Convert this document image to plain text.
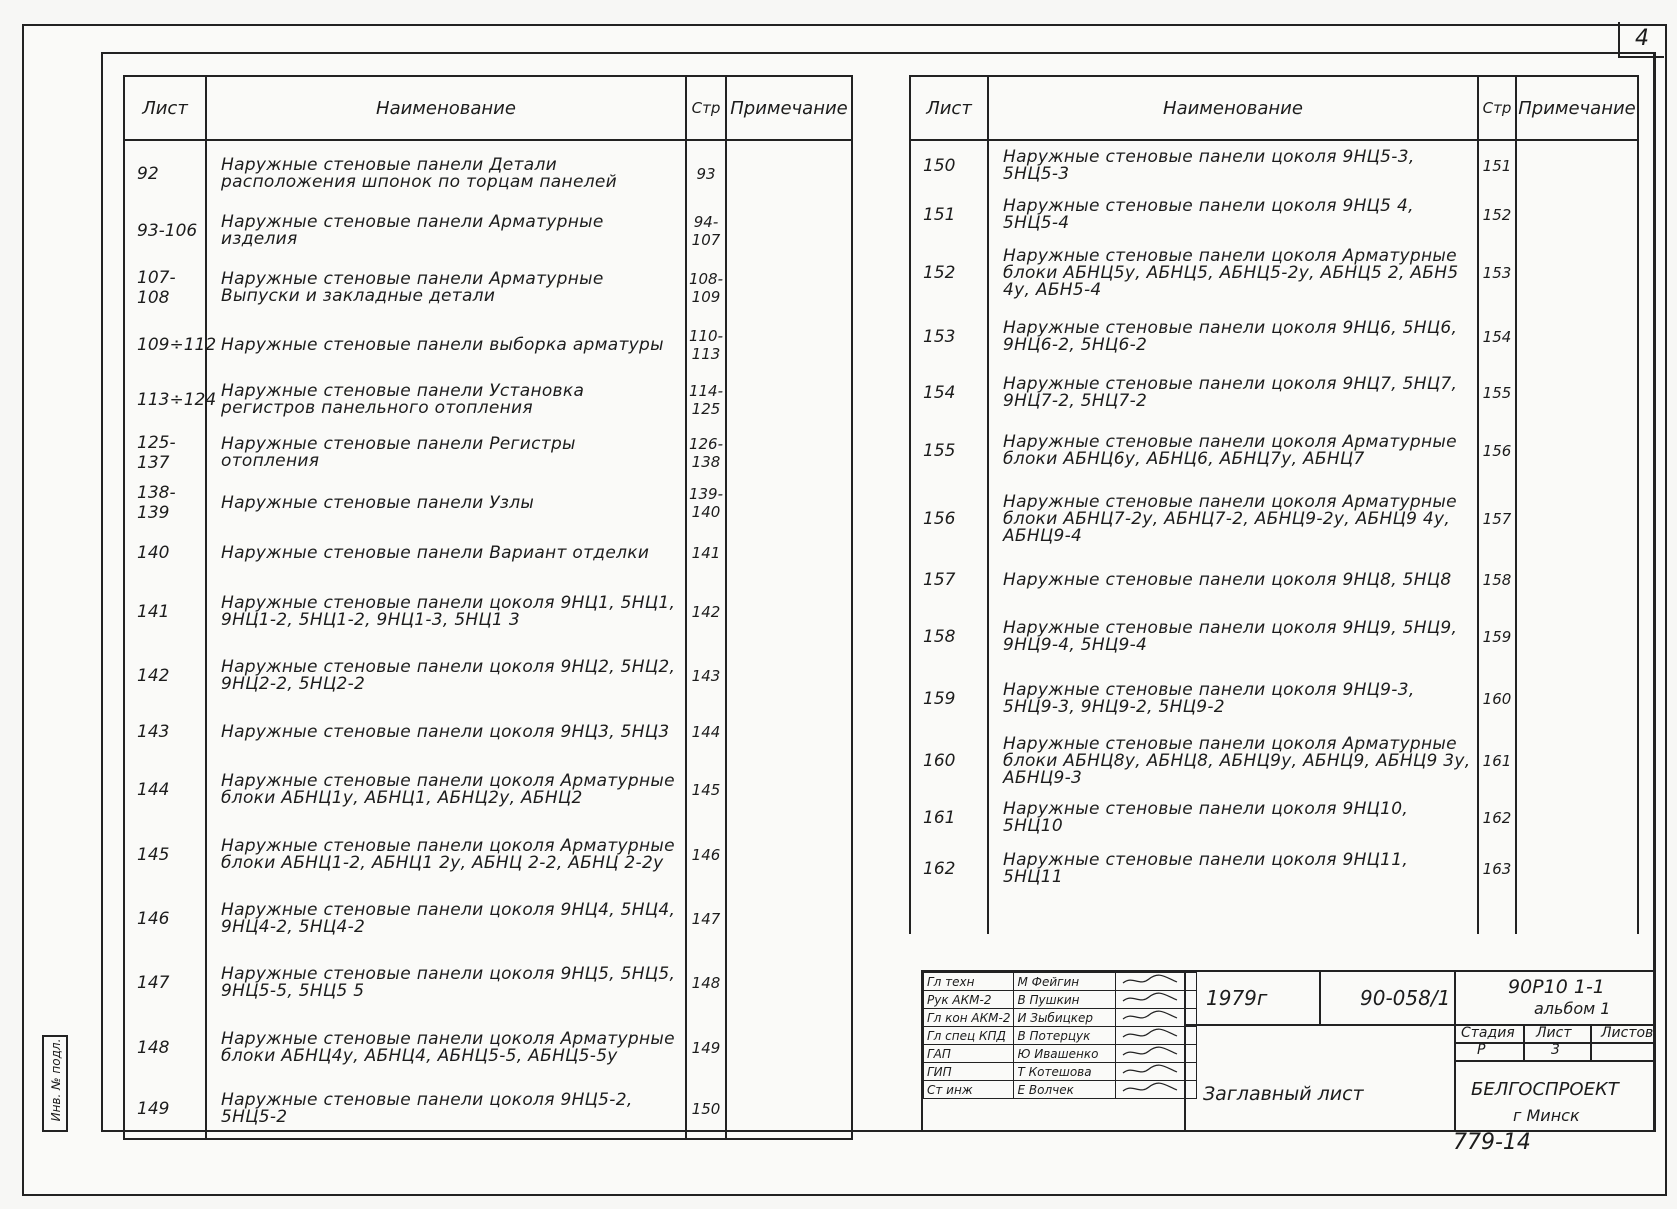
4
Инв. № подл.
Лист	Наименование	Стр	Примечание
92	Наружные стеновые панели Детали расположения шпонок по торцам панелей	93	
93-106	Наружные стеновые панели Арматурные изделия	94-107	
107-108	Наружные стеновые панели Арматурные Выпуски и закладные детали	108-109	
109÷112	Наружные стеновые панели выборка арматуры	110-113	
113÷124	Наружные стеновые панели Установка регистров панельного отопления	114-125	
125-137	Наружные стеновые панели Регистры отопления	126-138	
138-139	Наружные стеновые панели Узлы	139-140	
140	Наружные стеновые панели Вариант отделки	141	
141	Наружные стеновые панели цоколя 9НЦ1, 5НЦ1, 9НЦ1-2, 5НЦ1-2, 9НЦ1-3, 5НЦ1 3	142	
142	Наружные стеновые панели цоколя 9НЦ2, 5НЦ2, 9НЦ2-2, 5НЦ2-2	143	
143	Наружные стеновые панели цоколя 9НЦ3, 5НЦ3	144	
144	Наружные стеновые панели цоколя Арматурные блоки АБНЦ1у, АБНЦ1, АБНЦ2у, АБНЦ2	145	
145	Наружные стеновые панели цоколя Арматурные блоки АБНЦ1-2, АБНЦ1 2у, АБНЦ 2-2, АБНЦ 2-2у	146	
146	Наружные стеновые панели цоколя 9НЦ4, 5НЦ4, 9НЦ4-2, 5НЦ4-2	147	
147	Наружные стеновые панели цоколя 9НЦ5, 5НЦ5, 9НЦ5-5, 5НЦ5 5	148	
148	Наружные стеновые панели цоколя Арматурные блоки АБНЦ4у, АБНЦ4, АБНЦ5-5, АБНЦ5-5у	149	
149	Наружные стеновые панели цоколя 9НЦ5-2, 5НЦ5-2	150	
Лист	Наименование	Стр	Примечание
150	Наружные стеновые панели цоколя 9НЦ5-3, 5НЦ5-3	151	
151	Наружные стеновые панели цоколя 9НЦ5 4, 5НЦ5-4	152	
152	Наружные стеновые панели цоколя Арматурные блоки АБНЦ5у, АБНЦ5, АБНЦ5-2у, АБНЦ5 2, АБН5 4у, АБН5-4	153	
153	Наружные стеновые панели цоколя 9НЦ6, 5НЦ6, 9НЦ6-2, 5НЦ6-2	154	
154	Наружные стеновые панели цоколя 9НЦ7, 5НЦ7, 9НЦ7-2, 5НЦ7-2	155	
155	Наружные стеновые панели цоколя Арматурные блоки АБНЦ6у, АБНЦ6, АБНЦ7у, АБНЦ7	156	
156	Наружные стеновые панели цоколя Арматурные блоки АБНЦ7-2у, АБНЦ7-2, АБНЦ9-2у, АБНЦ9 4у, АБНЦ9-4	157	
157	Наружные стеновые панели цоколя 9НЦ8, 5НЦ8	158	
158	Наружные стеновые панели цоколя 9НЦ9, 5НЦ9, 9НЦ9-4, 5НЦ9-4	159	
159	Наружные стеновые панели цоколя 9НЦ9-3, 5НЦ9-3, 9НЦ9-2, 5НЦ9-2	160	
160	Наружные стеновые панели цоколя Арматурные блоки АБНЦ8у, АБНЦ8, АБНЦ9у, АБНЦ9, АБНЦ9 3у, АБНЦ9-3	161	
161	Наружные стеновые панели цоколя 9НЦ10, 5НЦ10	162	
162	Наружные стеновые панели цоколя 9НЦ11, 5НЦ11	163	

Гл техн	М Фейгин	
Рук АКМ-2	В Пушкин	
Гл кон АКМ-2	И Зыбицкер	
Гл спец КПД	В Потерцук	
ГАП	Ю Ивашенко	
ГИП	Т Котешова	
Ст инж	Е Волчек	
1979г	90-058/1	90Р10 1-1
альбом 1
Заглавный лист
Стадия Лист Листов
Р	3
БЕЛГОСПРОЕКТ
г Минск
779-14
